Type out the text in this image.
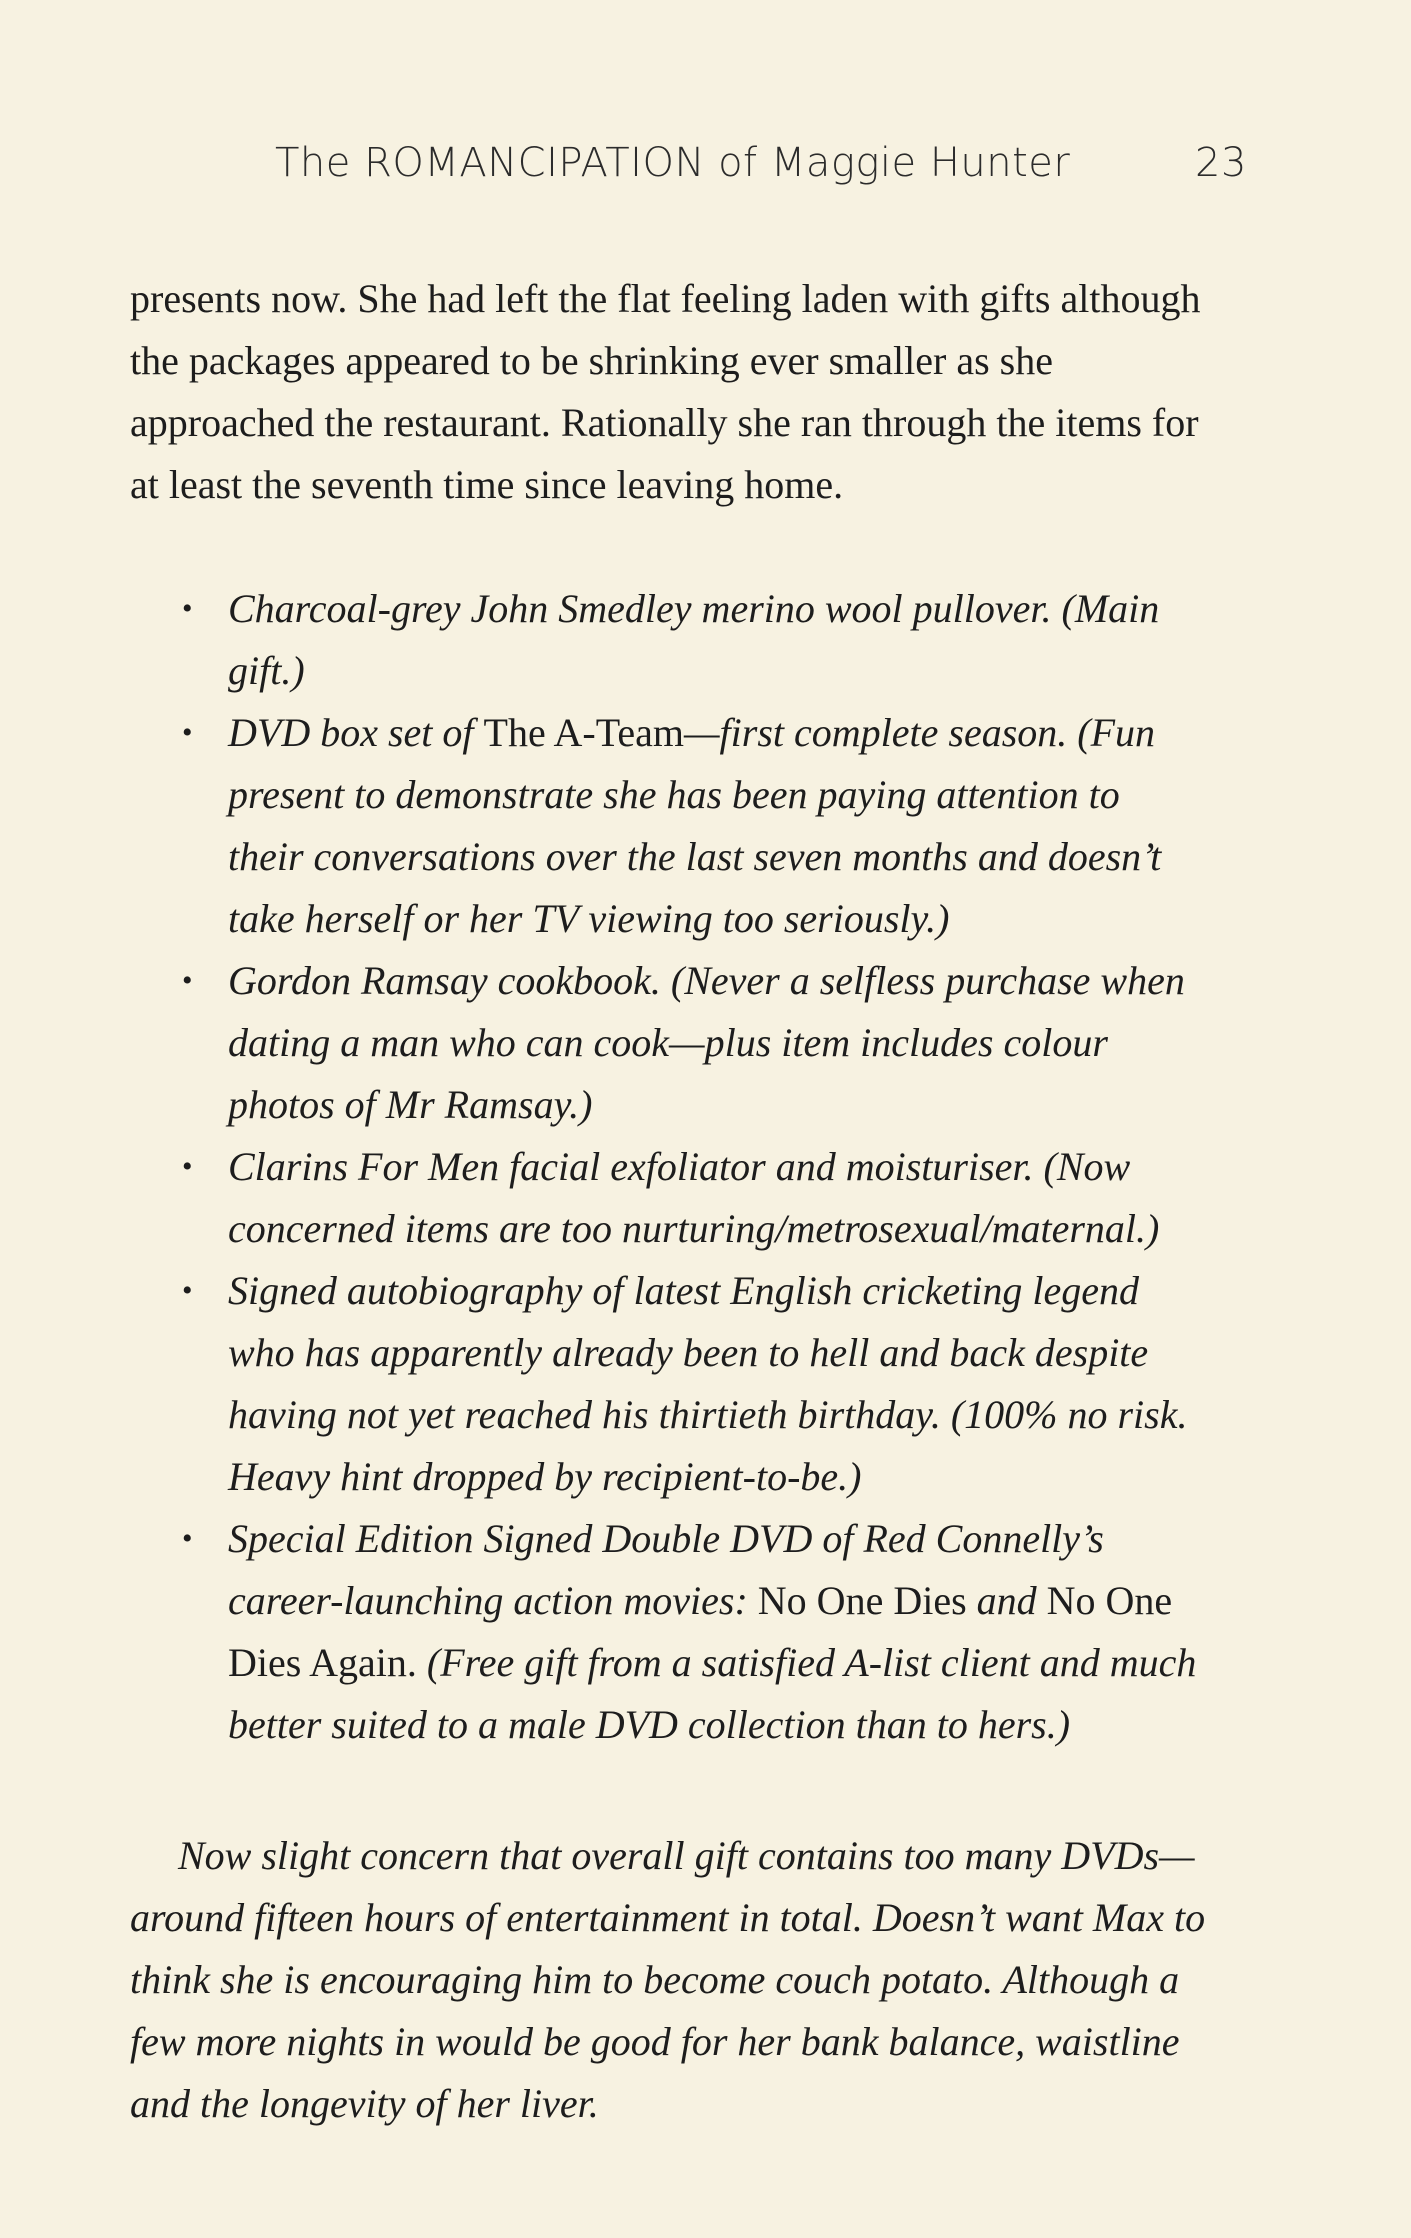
The ROMANCIPATION of Maggie Hunter	23

presents now. She had left the flat feeling laden with gifts although the packages appeared to be shrinking ever smaller as she approached the restaurant. Rationally she ran through the items for at least the seventh time since leaving home.

• Charcoal-grey John Smedley merino wool pullover. (Main gift.)
• DVD box set of The A-Team—first complete season. (Fun present to demonstrate she has been paying attention to their conversations over the last seven months and doesn’t take herself or her TV viewing too seriously.)
• Gordon Ramsay cookbook. (Never a selfless purchase when dating a man who can cook—plus item includes colour photos of Mr Ramsay.)
• Clarins For Men facial exfoliator and moisturiser. (Now concerned items are too nurturing/metrosexual/maternal.)
• Signed autobiography of latest English cricketing legend who has apparently already been to hell and back despite having not yet reached his thirtieth birthday. (100% no risk. Heavy hint dropped by recipient-to-be.)
• Special Edition Signed Double DVD of Red Connelly’s career-launching action movies: No One Dies and No One Dies Again. (Free gift from a satisfied A-list client and much better suited to a male DVD collection than to hers.)

Now slight concern that overall gift contains too many DVDs—around fifteen hours of entertainment in total. Doesn’t want Max to think she is encouraging him to become couch potato. Although a few more nights in would be good for her bank balance, waistline and the longevity of her liver.
